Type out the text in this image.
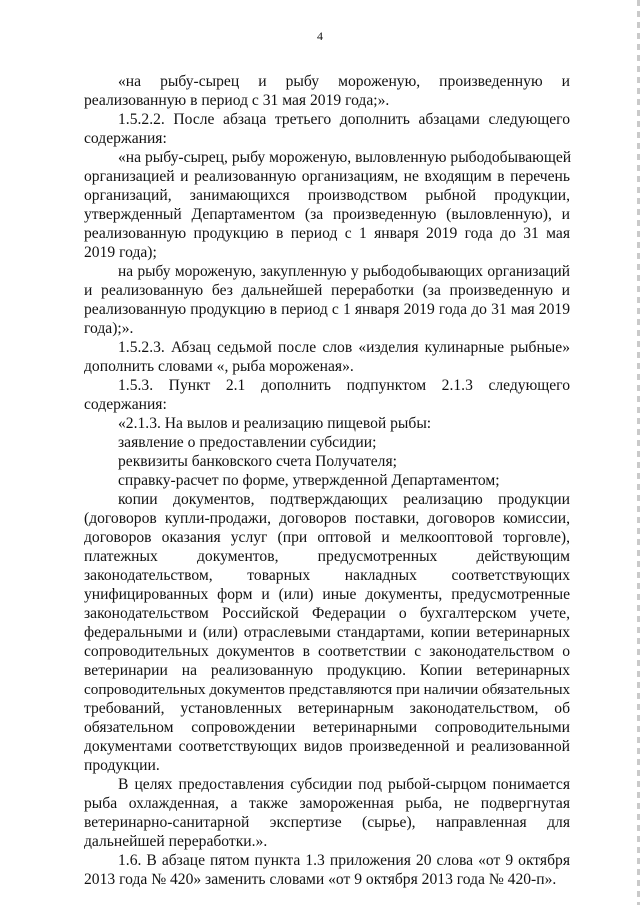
4
«на рыбу-сырец и рыбу мороженую, произведенную и
реализованную в период с 31 мая 2019 года;».
1.5.2.2. После абзаца третьего дополнить абзацами следующего
содержания:
«на рыбу-сырец, рыбу мороженую, выловленную рыбодобывающей
организацией и реализованную организациям, не входящим в перечень
организаций, занимающихся производством рыбной продукции,
утвержденный Департаментом (за произведенную (выловленную), и
реализованную продукцию в период с 1 января 2019 года до 31 мая
2019 года);
на рыбу мороженую, закупленную у рыбодобывающих организаций
и реализованную без дальнейшей переработки (за произведенную и
реализованную продукцию в период с 1 января 2019 года до 31 мая 2019
года);».
1.5.2.3. Абзац седьмой после слов «изделия кулинарные рыбные»
дополнить словами «, рыба мороженая».
1.5.3. Пункт 2.1 дополнить подпунктом 2.1.3 следующего
содержания:
«2.1.3. На вылов и реализацию пищевой рыбы:
заявление о предоставлении субсидии;
реквизиты банковского счета Получателя;
справку-расчет по форме, утвержденной Департаментом;
копии документов, подтверждающих реализацию продукции
(договоров купли-продажи, договоров поставки, договоров комиссии,
договоров оказания услуг (при оптовой и мелкооптовой торговле),
платежных документов, предусмотренных действующим
законодательством, товарных накладных соответствующих
унифицированных форм и (или) иные документы, предусмотренные
законодательством Российской Федерации о бухгалтерском учете,
федеральными и (или) отраслевыми стандартами, копии ветеринарных
сопроводительных документов в соответствии с законодательством о
ветеринарии на реализованную продукцию. Копии ветеринарных
сопроводительных документов представляются при наличии обязательных
требований, установленных ветеринарным законодательством, об
обязательном сопровождении ветеринарными сопроводительными
документами соответствующих видов произведенной и реализованной
продукции.
В целях предоставления субсидии под рыбой-сырцом понимается
рыба охлажденная, а также замороженная рыба, не подвергнутая
ветеринарно-санитарной экспертизе (сырье), направленная для
дальнейшей переработки.».
1.6. В абзаце пятом пункта 1.3 приложения 20 слова «от 9 октября
2013 года № 420» заменить словами «от 9 октября 2013 года № 420-п».
